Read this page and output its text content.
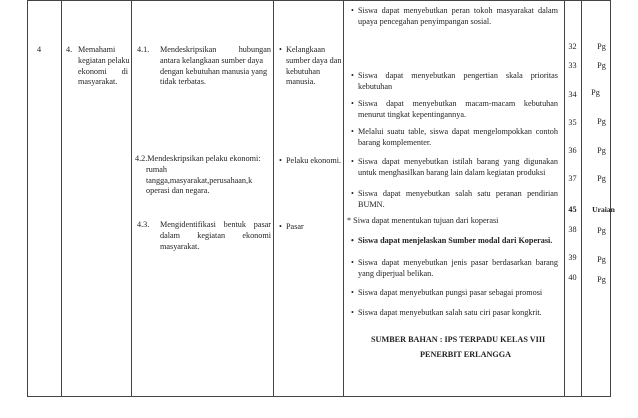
4	4. Memahami
kegiatan pelaku
ekonomi di
masyarakat.
4.1. Mendeskripsikan hubungan
antara kelangkaan sumber daya
dengan kebutuhan manusia yang
tidak terbatas.
4.2.Mendeskripsikan pelaku ekonomi:
rumah
tangga,masyarakat,perusahaan,k
operasi dan negara.
4.3. Mengidentifikasi bentuk pasar
dalam kegiatan ekonomi
masyarakat.
• Kelangkaan
sumber daya dan
kebutuhan
manusia.
• Pelaku ekonomi.
• Pasar
• Siswa dapat menyebutkan peran tokoh masyarakat dalam
upaya pencegahan penyimpangan sosial.
• Siswa dapat menyebutkan pengertian skala prioritas
kebutuhan
• Siswa dapat menyebutkan macam-macam kebutuhan
menurut tingkat kepentingannya.
• Melalui suatu table, siswa dapat mengelompokkan contoh
barang komplementer.
• Siswa dapat menyebutkan istilah barang yang digunakan
untuk menghasilkan barang lain dalam kegiatan produksi
• Siswa dapat menyebutkan salah satu peranan pendirian
BUMN.
* Siwa dapat menentukan tujuan dari koperasi
• Siswa dapat menjelaskan Sumber modal dari Koperasi.
• Siswa dapat menyebutkan jenis pasar berdasarkan barang
yang diperjual belikan.
• Siswa dapat menyebutkan pungsi pasar sebagai promosi
• Siswa dapat menyebutkan salah satu ciri pasar kongkrit.
SUMBER BAHAN : IPS TERPADU KELAS VIII
PENERBIT ERLANGGA
32
33
34
35
36
37
45
38
39
40
Pg
Pg
Pg
Pg
Pg
Pg
Uraian
Pg
Pg
Pg
